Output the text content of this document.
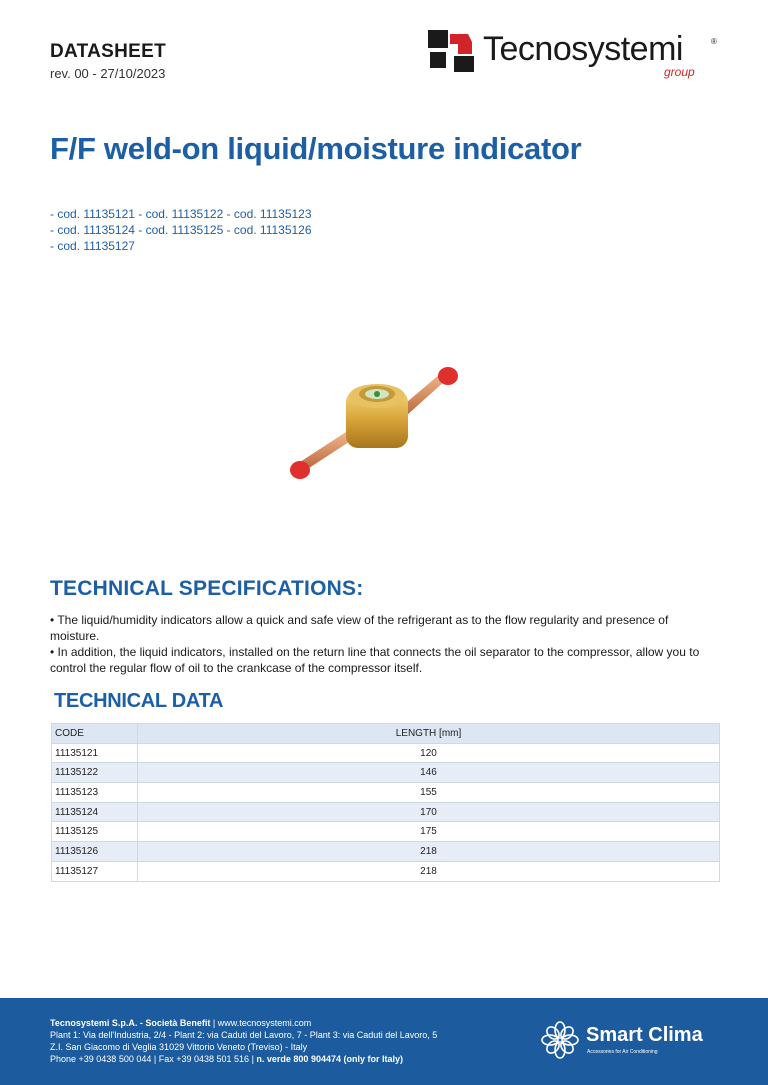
DATASHEET
rev. 00 - 27/10/2023
Tecnosystemi	®
group
F/F weld-on liquid/moisture indicator
- cod. 11135121 - cod. 11135122 - cod. 11135123
- cod. 11135124 - cod. 11135125 - cod. 11135126
- cod. 11135127
TECHNICAL SPECIFICATIONS:
• The liquid/humidity indicators allow a quick and safe view of the refrigerant as to the flow regularity and presence of moisture.
• In addition, the liquid indicators, installed on the return line that connects the oil separator to the compressor, allow you to control the regular flow of oil to the crankcase of the compressor itself.
TECHNICAL DATA
CODE	LENGTH [mm]
11135121	120
11135122	146
11135123	155
11135124	170
11135125	175
11135126	218
11135127	218
Tecnosystemi S.p.A. - Società Benefit | www.tecnosystemi.com
Plant 1: Via dell'Industria, 2/4 - Plant 2: via Caduti del Lavoro, 7 - Plant 3: via Caduti del Lavoro, 5
Z.I. San Giacomo di Veglia 31029 Vittorio Veneto (Treviso) - Italy
Phone +39 0438 500 044 | Fax +39 0438 501 516 | n. verde 800 904474 (only for Italy)
Smart Clima
Accessories for Air Conditioning
